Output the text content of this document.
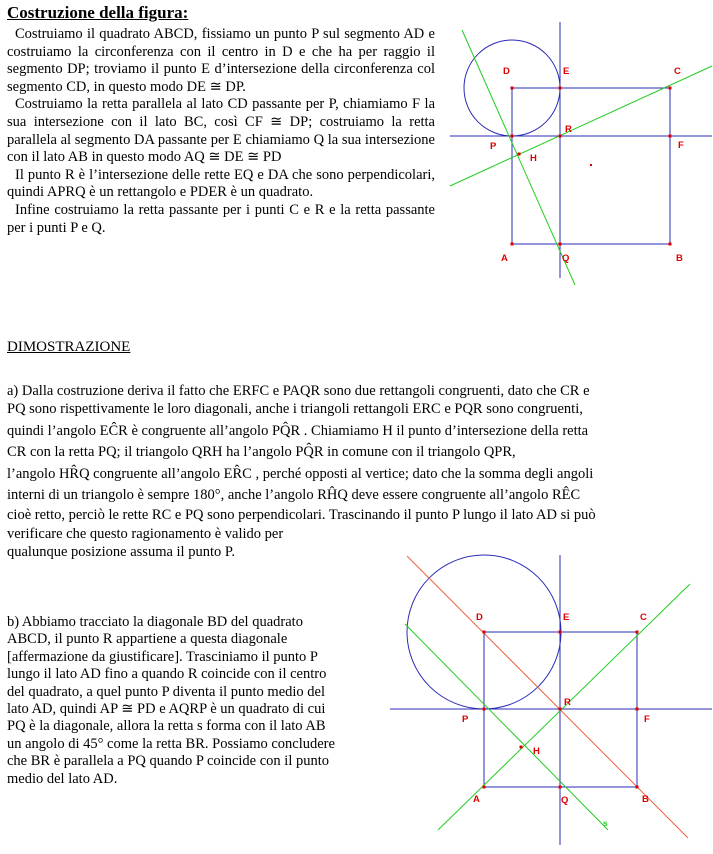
Costruzione della figura:
Costruiamo il quadrato ABCD, fissiamo un punto P sul segmento AD e costruiamo la circonferenza con il centro in D e che ha per raggio il segmento DP; troviamo il punto E d’intersezione della circonferenza col segmento CD, in questo modo DE ≅ DP.
Costruiamo la retta parallela al lato CD passante per P, chiamiamo F la sua intersezione con il lato BC, così CF ≅ DP; costruiamo la retta parallela al segmento DA passante per E chiamiamo Q la sua intersezione con il lato AB in questo modo AQ ≅ DE ≅ PD
Il punto R è l’intersezione delle rette EQ e DA che sono perpendicolari, quindi APRQ è un rettangolo e PDER è un quadrato.
Infine costruiamo la retta passante per i punti C e R e la retta passante per i punti P e Q.
D	E	C
R
P	F
H
A	Q	B
DIMOSTRAZIONE
a) Dalla costruzione deriva il fatto che ERFC e PAQR sono due rettangoli congruenti, dato che CR e
PQ sono rispettivamente le loro diagonali, anche i triangoli rettangoli ERC e PQR sono congruenti,
quindi l’angolo EĈR è congruente all’angolo PQ̂R . Chiamiamo H il punto d’intersezione della retta
CR con la retta PQ; il triangolo QRH ha l’angolo PQ̂R in comune con il triangolo QPR,
l’angolo HR̂Q congruente all’angolo ER̂C , perché opposti al vertice; dato che la somma degli angoli
interni di un triangolo è sempre 180°, anche l’angolo RĤQ deve essere congruente all’angolo RÊC
cioè retto, perciò le rette RC e PQ sono perpendicolari. Trascinando il punto P lungo il lato AD si può
verificare che questo ragionamento è valido per
qualunque posizione assuma il punto P.
b) Abbiamo tracciato la diagonale BD del quadrato
ABCD, il punto R appartiene a questa diagonale
[affermazione da giustificare]. Trasciniamo il punto P
lungo il lato AD fino a quando R coincide con il centro
del quadrato, a quel punto P diventa il punto medio del
lato AD, quindi AP ≅ PD e AQRP è un quadrato di cui
PQ è la diagonale, allora la retta s forma con il lato AB
un angolo di 45° come la retta BR. Possiamo concludere
che BR è parallela a PQ quando P coincide con il punto
medio del lato AD.
D	E	C
R
P	F
H
A	Q	B
s
